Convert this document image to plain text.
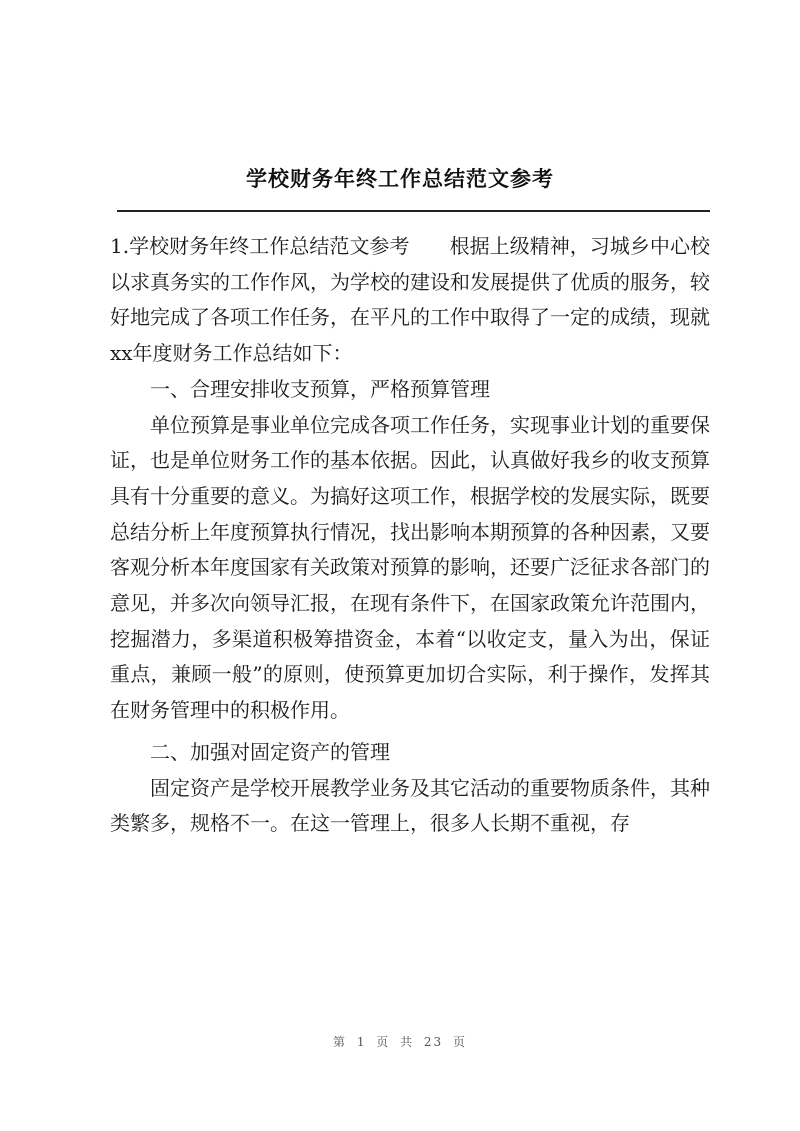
学校财务年终工作总结范文参考

1.学校财务年终工作总结范文参考　　根据上级精神，习城乡中心校以求真务实的工作作风，为学校的建设和发展提供了优质的服务，较好地完成了各项工作任务，在平凡的工作中取得了一定的成绩，现就xx年度财务工作总结如下：

一、合理安排收支预算，严格预算管理

单位预算是事业单位完成各项工作任务，实现事业计划的重要保证，也是单位财务工作的基本依据。因此，认真做好我乡的收支预算具有十分重要的意义。为搞好这项工作，根据学校的发展实际，既要总结分析上年度预算执行情况，找出影响本期预算的各种因素，又要客观分析本年度国家有关政策对预算的影响，还要广泛征求各部门的意见，并多次向领导汇报，在现有条件下，在国家政策允许范围内，挖掘潜力，多渠道积极筹措资金，本着“以收定支，量入为出，保证重点，兼顾一般”的原则，使预算更加切合实际，利于操作，发挥其在财务管理中的积极作用。

二、加强对固定资产的管理

固定资产是学校开展教学业务及其它活动的重要物质条件，其种类繁多，规格不一。在这一管理上，很多人长期不重视，存

第 1 页 共 23 页
